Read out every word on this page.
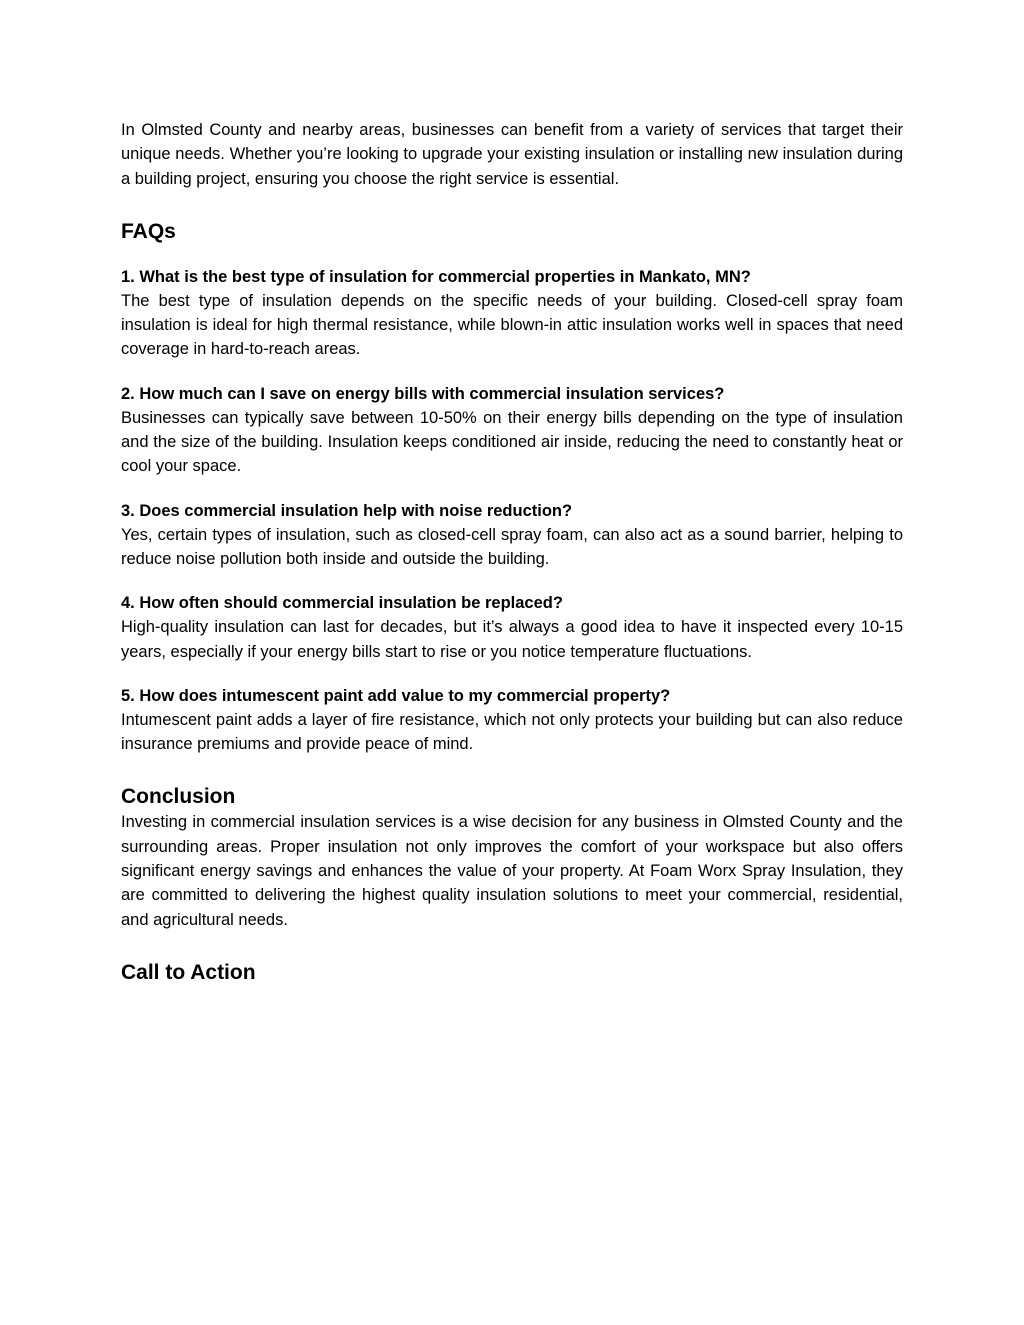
In Olmsted County and nearby areas, businesses can benefit from a variety of services that target their unique needs. Whether you’re looking to upgrade your existing insulation or installing new insulation during a building project, ensuring you choose the right service is essential.

FAQs
1. What is the best type of insulation for commercial properties in Mankato, MN?

The best type of insulation depends on the specific needs of your building. Closed-cell spray foam insulation is ideal for high thermal resistance, while blown-in attic insulation works well in spaces that need coverage in hard-to-reach areas.

2. How much can I save on energy bills with commercial insulation services?

Businesses can typically save between 10-50% on their energy bills depending on the type of insulation and the size of the building. Insulation keeps conditioned air inside, reducing the need to constantly heat or cool your space.

3. Does commercial insulation help with noise reduction?

Yes, certain types of insulation, such as closed-cell spray foam, can also act as a sound barrier, helping to reduce noise pollution both inside and outside the building.

4. How often should commercial insulation be replaced?

High-quality insulation can last for decades, but it’s always a good idea to have it inspected every 10-15 years, especially if your energy bills start to rise or you notice temperature fluctuations.

5. How does intumescent paint add value to my commercial property?

Intumescent paint adds a layer of fire resistance, which not only protects your building but can also reduce insurance premiums and provide peace of mind.

Conclusion

Investing in commercial insulation services is a wise decision for any business in Olmsted County and the surrounding areas. Proper insulation not only improves the comfort of your workspace but also offers significant energy savings and enhances the value of your property. At Foam Worx Spray Insulation, they are committed to delivering the highest quality insulation solutions to meet your commercial, residential, and agricultural needs.

Call to Action
